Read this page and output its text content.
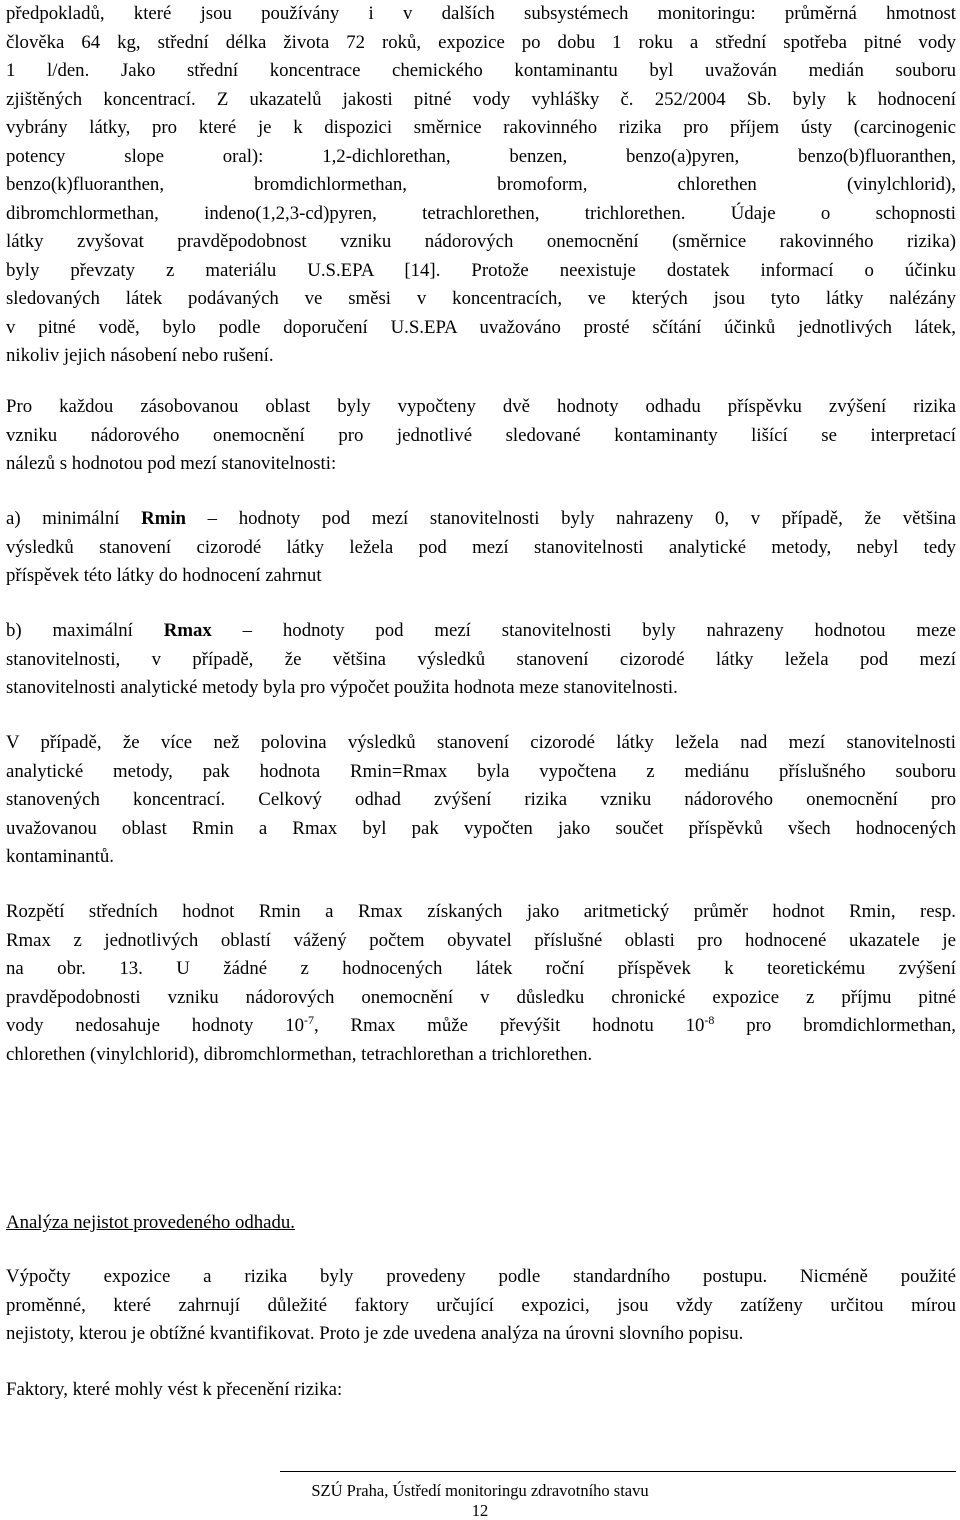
předpokladů, které jsou používány i v dalších subsystémech monitoringu: průměrná hmotnost
člověka 64 kg, střední délka života 72 roků, expozice po dobu 1 roku a střední spotřeba pitné vody
1 l/den. Jako střední koncentrace chemického kontaminantu byl uvažován medián souboru
zjištěných koncentrací. Z ukazatelů jakosti pitné vody vyhlášky č. 252/2004 Sb. byly k hodnocení
vybrány látky, pro které je k dispozici směrnice rakovinného rizika pro příjem ústy (carcinogenic
potency slope oral): 1,2-dichlorethan, benzen, benzo(a)pyren, benzo(b)fluoranthen,
benzo(k)fluoranthen, bromdichlormethan, bromoform, chlorethen (vinylchlorid),
dibromchlormethan, indeno(1,2,3-cd)pyren, tetrachlorethen, trichlorethen. Údaje o schopnosti
látky zvyšovat pravděpodobnost vzniku nádorových onemocnění (směrnice rakovinného rizika)
byly převzaty z materiálu U.S.EPA [14]. Protože neexistuje dostatek informací o účinku
sledovaných látek podávaných ve směsi v koncentracích, ve kterých jsou tyto látky nalézány
v pitné vodě, bylo podle doporučení U.S.EPA uvažováno prosté sčítání účinků jednotlivých látek,
nikoliv jejich násobení nebo rušení.
Pro každou zásobovanou oblast byly vypočteny dvě hodnoty odhadu příspěvku zvýšení rizika
vzniku nádorového onemocnění pro jednotlivé sledované kontaminanty lišící se interpretací
nálezů s hodnotou pod mezí stanovitelnosti:
a) minimální Rmin – hodnoty pod mezí stanovitelnosti byly nahrazeny 0, v případě, že většina
výsledků stanovení cizorodé látky ležela pod mezí stanovitelnosti analytické metody, nebyl tedy
příspěvek této látky do hodnocení zahrnut
b) maximální Rmax – hodnoty pod mezí stanovitelnosti byly nahrazeny hodnotou meze
stanovitelnosti, v případě, že většina výsledků stanovení cizorodé látky ležela pod mezí
stanovitelnosti analytické metody byla pro výpočet použita hodnota meze stanovitelnosti.
V případě, že více než polovina výsledků stanovení cizorodé látky ležela nad mezí stanovitelnosti
analytické metody, pak hodnota Rmin=Rmax byla vypočtena z mediánu příslušného souboru
stanovených koncentrací. Celkový odhad zvýšení rizika vzniku nádorového onemocnění pro
uvažovanou oblast Rmin a Rmax byl pak vypočten jako součet příspěvků všech hodnocených
kontaminantů.
Rozpětí středních hodnot Rmin a Rmax získaných jako aritmetický průměr hodnot Rmin, resp.
Rmax z jednotlivých oblastí vážený počtem obyvatel příslušné oblasti pro hodnocené ukazatele je
na obr. 13. U žádné z hodnocených látek roční příspěvek k teoretickému zvýšení
pravděpodobnosti vzniku nádorových onemocnění v důsledku chronické expozice z příjmu pitné
vody nedosahuje hodnoty $10^{-7}$, Rmax může převýšit hodnotu $10^{-8}$ pro bromdichlormethan,
chlorethen (vinylchlorid), dibromchlormethan, tetrachlorethan a trichlorethen.
Výpočty expozice a rizika byly provedeny podle standardního postupu. Nicméně použité
proměnné, které zahrnují důležité faktory určující expozici, jsou vždy zatíženy určitou mírou
nejistoty, kterou je obtížné kvantifikovat. Proto je zde uvedena analýza na úrovni slovního popisu.
Faktory, které mohly vést k přecenění rizika:
Analýza nejistot provedeného odhadu.
SZÚ Praha, Ústředí monitoringu zdravotního stavu
12
